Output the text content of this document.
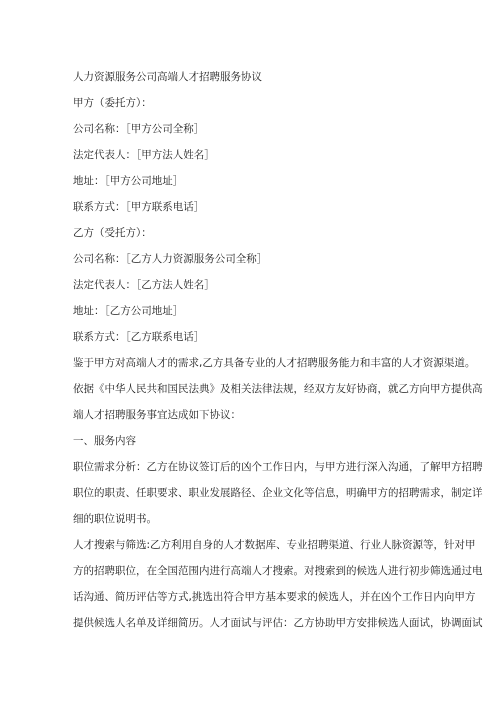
人力资源服务公司高端人才招聘服务协议
甲方（委托方）：
公司名称：［甲方公司全称］
法定代表人：［甲方法人姓名］
地址：［甲方公司地址］
联系方式：［甲方联系电话］
乙方（受托方）：
公司名称：［乙方人力资源服务公司全称］
法定代表人：［乙方法人姓名］
地址：［乙方公司地址］
联系方式：［乙方联系电话］
鉴于甲方对高端人才的需求,乙方具备专业的人才招聘服务能力和丰富的人才资源渠道。
依据《中华人民共和国民法典》及相关法律法规，经双方友好协商，就乙方向甲方提供高
端人才招聘服务事宜达成如下协议：
一、服务内容
职位需求分析：乙方在协议签订后的凶个工作日内，与甲方进行深入沟通，了解甲方招聘
职位的职责、任职要求、职业发展路径、企业文化等信息，明确甲方的招聘需求，制定详
细的职位说明书。
人才搜索与筛选:乙方利用自身的人才数据库、专业招聘渠道、行业人脉资源等，针对甲
方的招聘职位，在全国范围内进行高端人才搜索。对搜索到的候选人进行初步筛选通过电
话沟通、简历评估等方式,挑选出符合甲方基本要求的候选人，并在凶个工作日内向甲方
提供候选人名单及详细简历。人才面试与评估：乙方协助甲方安排候选人面试，协调面试
